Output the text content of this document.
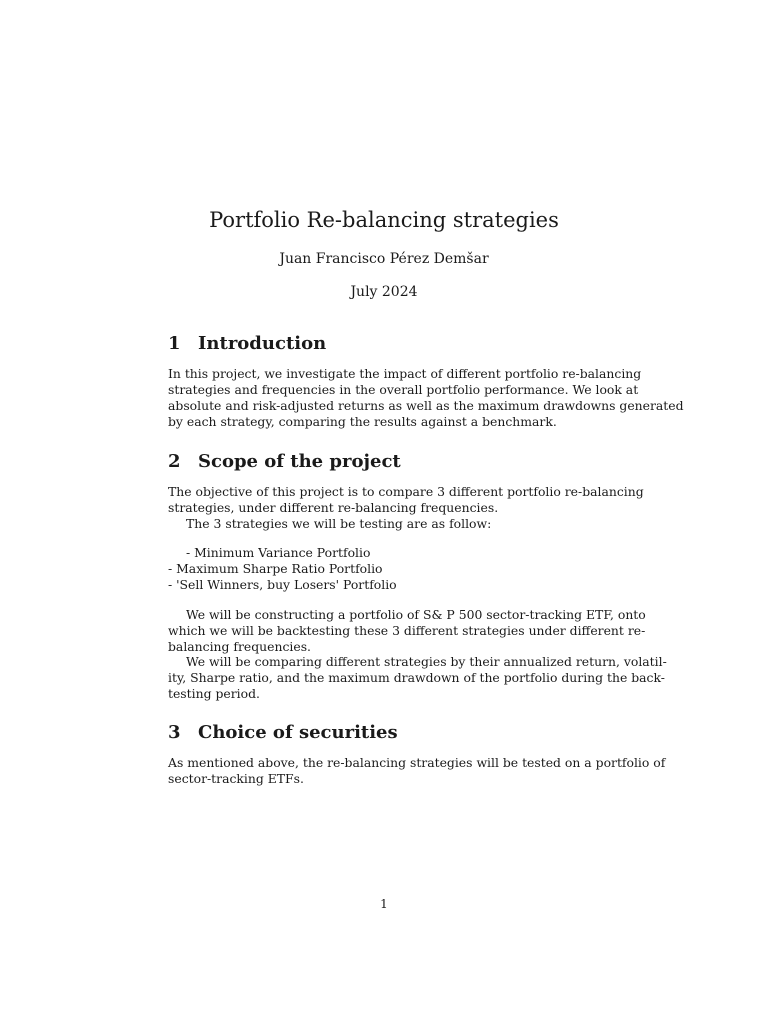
Portfolio Re-balancing strategies
Juan Francisco Pérez Demšar
July 2024
1 Introduction
In this project, we investigate the impact of different portfolio re-balancing
strategies and frequencies in the overall portfolio performance. We look at
absolute and risk-adjusted returns as well as the maximum drawdowns generated
by each strategy, comparing the results against a benchmark.
2 Scope of the project
The objective of this project is to compare 3 different portfolio re-balancing
strategies, under different re-balancing frequencies.
The 3 strategies we will be testing are as follow:
- Minimum Variance Portfolio
- Maximum Sharpe Ratio Portfolio
- 'Sell Winners, buy Losers' Portfolio
We will be constructing a portfolio of S& P 500 sector-tracking ETF, onto
which we will be backtesting these 3 different strategies under different re-
balancing frequencies.
We will be comparing different strategies by their annualized return, volatil-
ity, Sharpe ratio, and the maximum drawdown of the portfolio during the back-
testing period.
3 Choice of securities
As mentioned above, the re-balancing strategies will be tested on a portfolio of
sector-tracking ETFs.
1
